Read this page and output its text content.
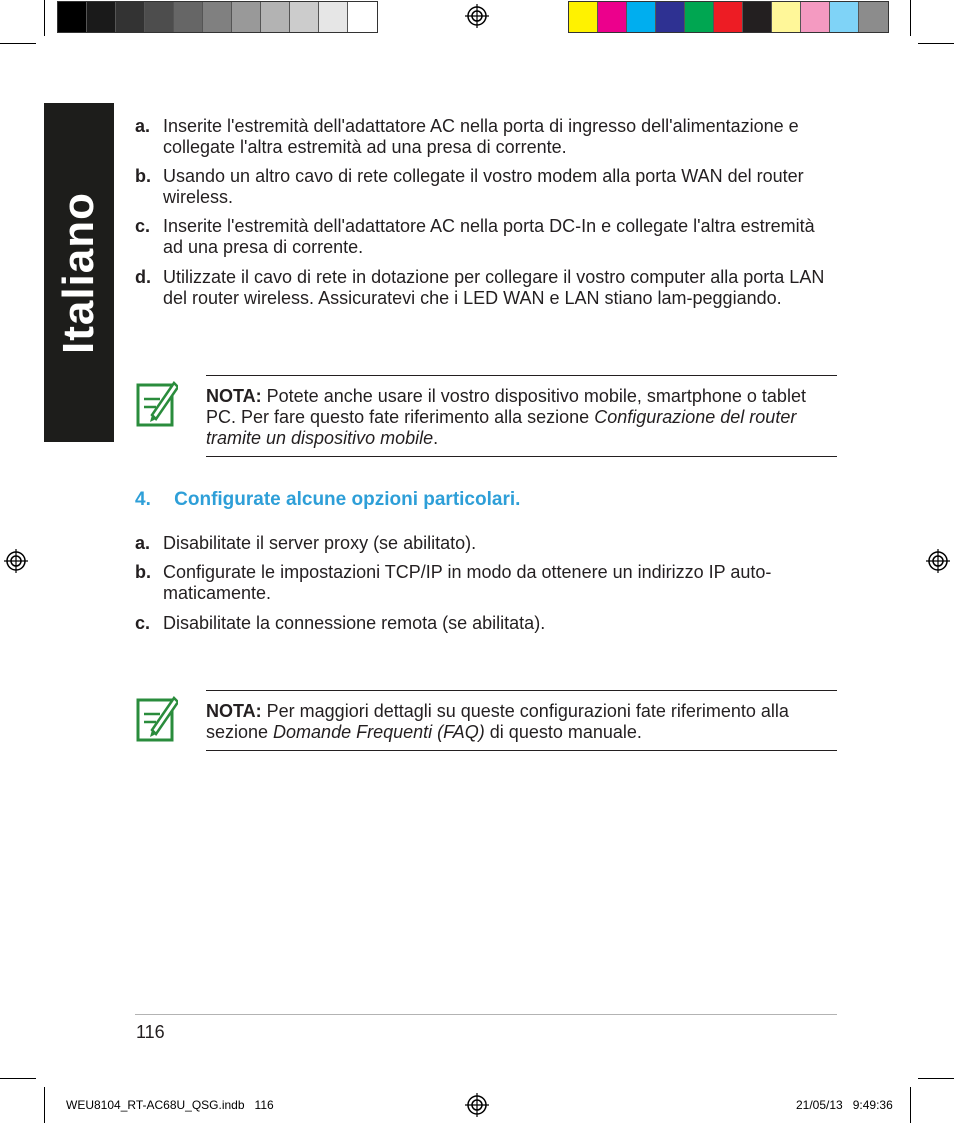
Italiano
a. Inserite l'estremità dell'adattatore AC nella porta di ingresso dell'alimentazione e collegate l'altra estremità ad una presa di corrente.
b. Usando un altro cavo di rete collegate il vostro modem alla porta WAN del router wireless.
c. Inserite l'estremità dell'adattatore AC nella porta DC-In e collegate l'altra estremità ad una presa di corrente.
d. Utilizzate il cavo di rete in dotazione per collegare il vostro computer alla porta LAN del router wireless. Assicuratevi che i LED WAN e LAN stiano lam-peggiando.
NOTA: Potete anche usare il vostro dispositivo mobile, smartphone o tablet PC. Per fare questo fate riferimento alla sezione Configurazione del router tramite un dispositivo mobile.
4. Configurate alcune opzioni particolari.
a. Disabilitate il server proxy (se abilitato).
b. Configurate le impostazioni TCP/IP in modo da ottenere un indirizzo IP auto-maticamente.
c. Disabilitate la connessione remota (se abilitata).
NOTA: Per maggiori dettagli su queste configurazioni fate riferimento alla sezione Domande Frequenti (FAQ) di questo manuale.
116
WEU8104_RT-AC68U_QSG.indb   116	21/05/13   9:49:36
